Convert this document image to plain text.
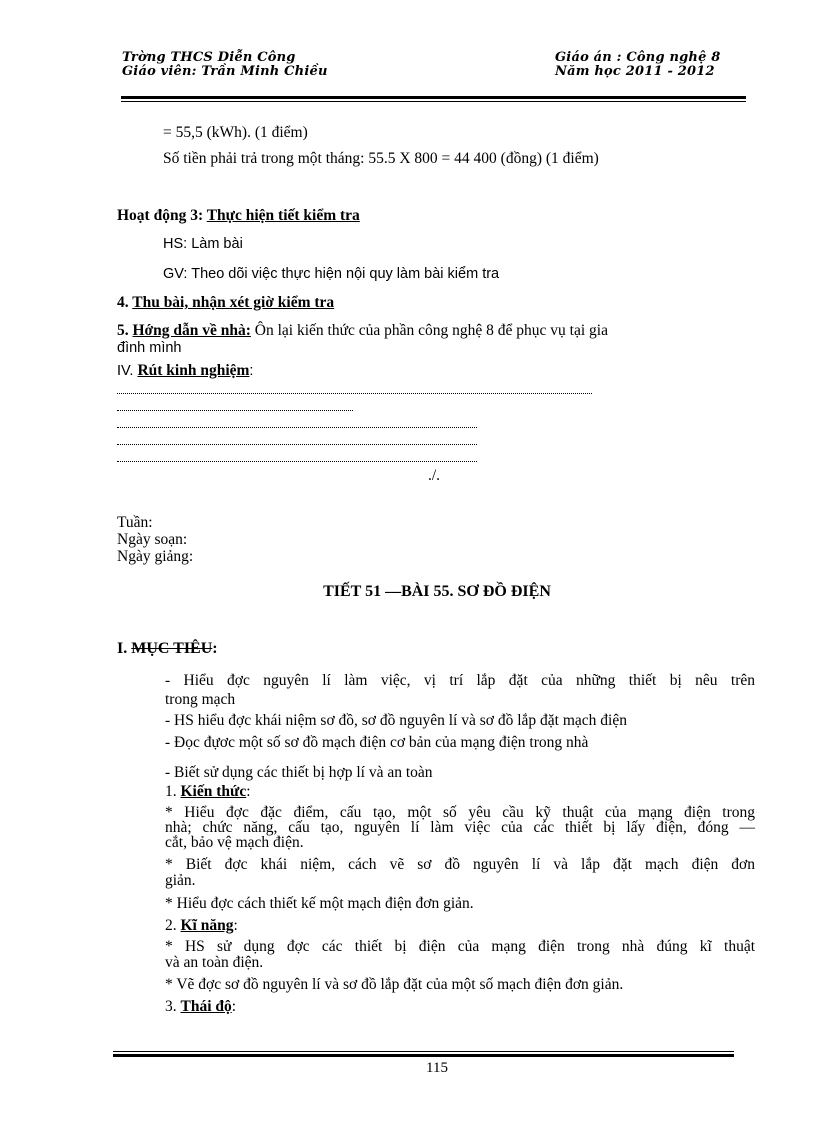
Trờng THCS Diễn Công
Giáo viên: Trần Minh Chiều
Giáo án : Công nghệ 8
Năm học 2011 - 2012
= 55,5 (kWh). (1 điểm)
Số tiền phải trả trong một tháng: 55.5 X 800 = 44 400 (đồng) (1 điểm)
Hoạt động 3: Thực hiện tiết kiểm tra
HS: Làm bài
GV: Theo dõi việc thực hiện nội quy làm bài kiểm tra
4. Thu bài, nhận xét giờ kiểm tra
5. Hớng dẫn về nhà: Ôn lại kiến thức của phần công nghệ 8 để phục vụ tại gia
đình mình
IV. Rút kinh nghiệm:
./.
Tuần:
Ngày soạn:
Ngày giảng:
TIẾT 51 —BÀI 55. SƠ ĐỒ ĐIỆN
I. MỤC TIÊU:
- Hiểu đợc nguyên lí làm việc, vị trí lắp đặt của những thiết bị nêu trên
trong mạch
- HS hiểu đợc khái niệm sơ đồ, sơ đồ nguyên lí và sơ đồ lắp đặt mạch điện
- Đọc đựơc một số sơ đồ mạch điện cơ bản của mạng điện trong nhà
- Biết sử dụng các thiết bị hợp lí và an toàn
1. Kiến thức:
* Hiểu đợc đặc điểm, cấu tạo, một số yêu cầu kỹ thuật của mạng điện trong
nhà; chức năng, cấu tạo, nguyên lí làm việc của các thiết bị lấy điện, đóng —
cắt, bảo vệ mạch điện.
* Biết đợc khái niệm, cách vẽ sơ đồ nguyên lí và lắp đặt mạch điện đơn
giản.
* Hiểu đợc cách thiết kế một mạch điện đơn giản.
2. Kĩ năng:
* HS sử dụng đợc các thiết bị điện của mạng điện trong nhà đúng kĩ thuật
và an toàn điện.
* Vẽ đợc sơ đồ nguyên lí và sơ đồ lắp đặt của một số mạch điện đơn giản.
3. Thái độ:
115
